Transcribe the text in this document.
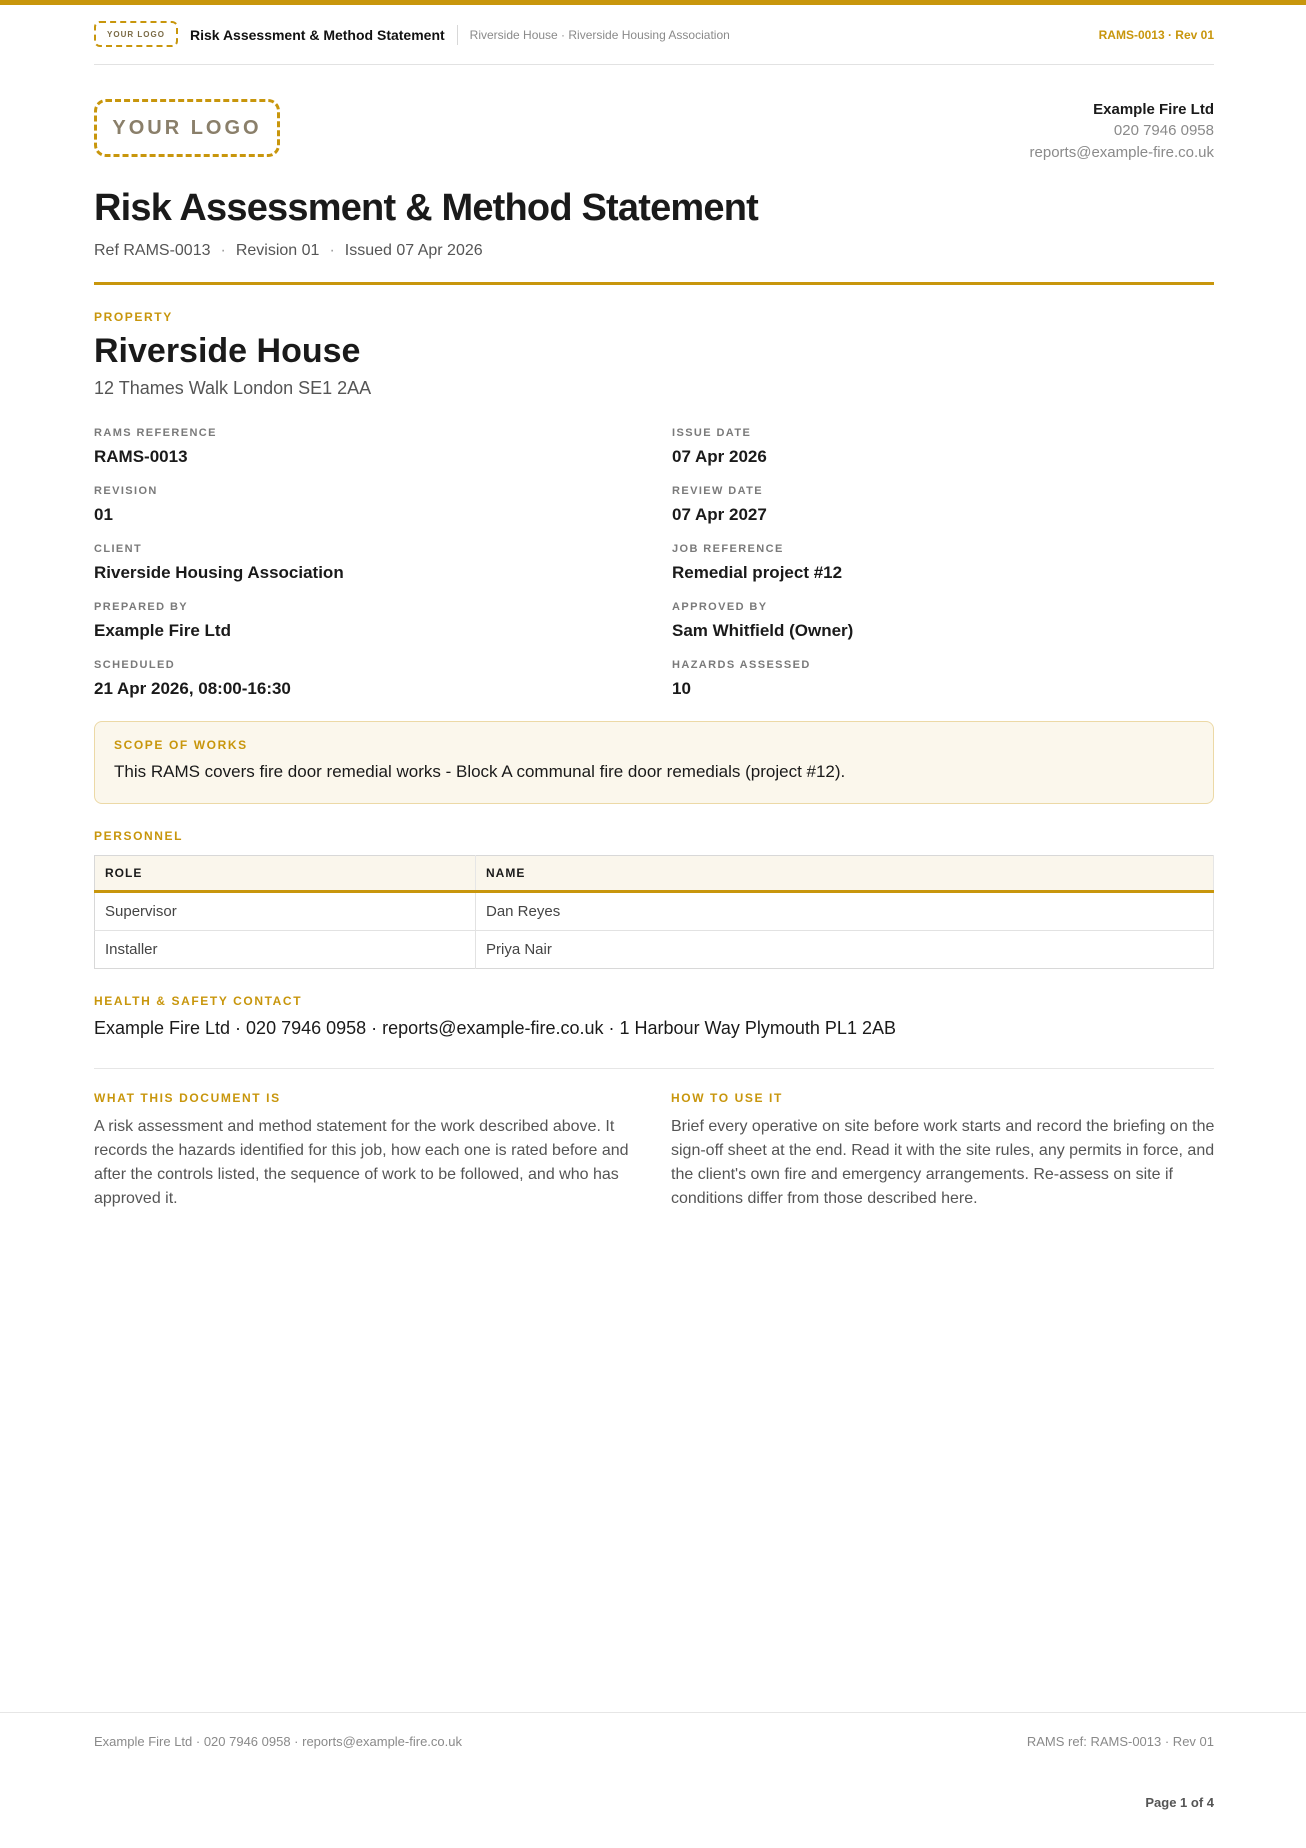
YOUR LOGO	Risk Assessment & Method Statement Riverside House · Riverside Housing Association	RAMS-0013 · Rev 01
YOUR LOGO
Example Fire Ltd
020 7946 0958
reports@example-fire.co.uk
Risk Assessment & Method Statement
Ref RAMS-0013 · Revision 01 · Issued 07 Apr 2026
PROPERTY
Riverside House
12 Thames Walk London SE1 2AA
RAMS REFERENCE
RAMS-0013
ISSUE DATE
07 Apr 2026
REVISION
01
REVIEW DATE
07 Apr 2027
CLIENT
Riverside Housing Association
JOB REFERENCE
Remedial project #12
PREPARED BY
Example Fire Ltd
APPROVED BY
Sam Whitfield (Owner)
SCHEDULED
21 Apr 2026, 08:00-16:30
HAZARDS ASSESSED
10
SCOPE OF WORKS
This RAMS covers fire door remedial works - Block A communal fire door remedials (project #12).
PERSONNEL
ROLE	NAME
Supervisor	Dan Reyes
Installer	Priya Nair
HEALTH & SAFETY CONTACT
Example Fire Ltd · 020 7946 0958 · reports@example-fire.co.uk · 1 Harbour Way Plymouth PL1 2AB
WHAT THIS DOCUMENT IS
A risk assessment and method statement for the work described above. It records the hazards identified for this job, how each one is rated before and after the controls listed, the sequence of work to be followed, and who has approved it.
HOW TO USE IT
Brief every operative on site before work starts and record the briefing on the sign-off sheet at the end. Read it with the site rules, any permits in force, and the client's own fire and emergency arrangements. Re-assess on site if conditions differ from those described here.
Example Fire Ltd · 020 7946 0958 · reports@example-fire.co.uk	RAMS ref: RAMS-0013 · Rev 01
Page 1 of 4
